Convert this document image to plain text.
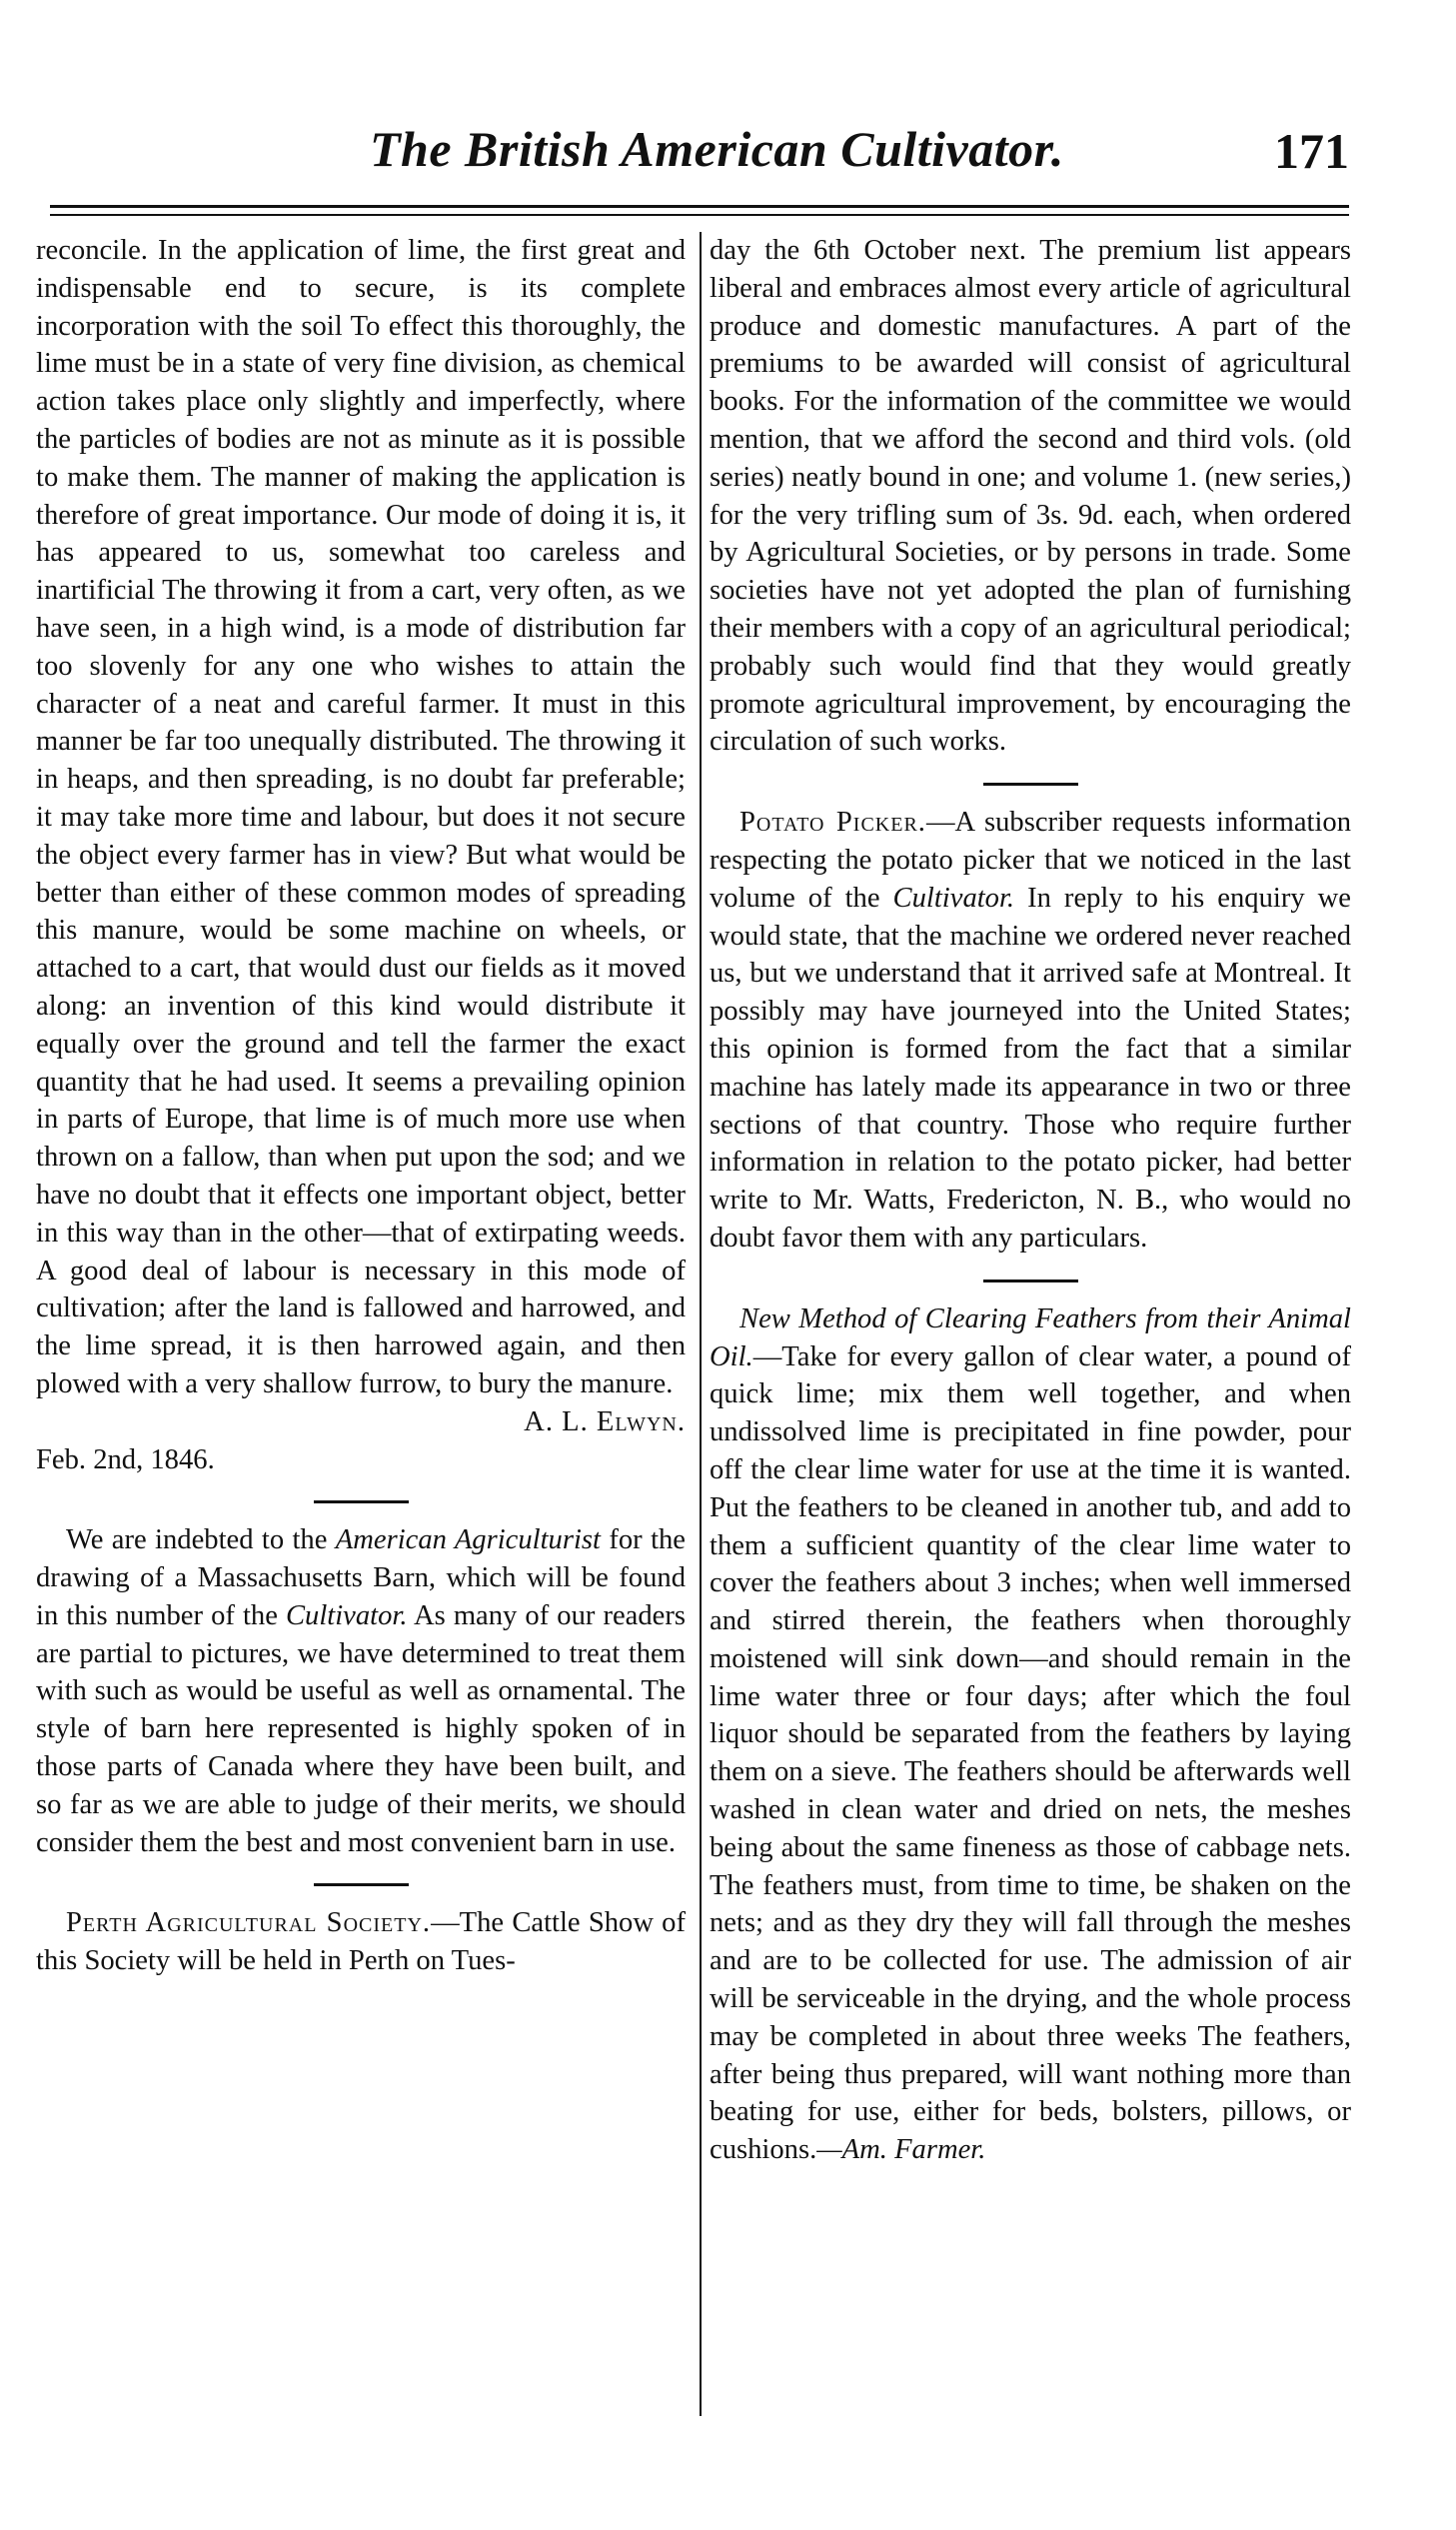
The British American Cultivator.	171

reconcile. In the application of lime, the first great and indispensable end to secure, is its complete incorporation with the soil To effect this thoroughly, the lime must be in a state of very fine division, as chemical action takes place only slightly and imperfectly, where the particles of bodies are not as minute as it is possible to make them. The manner of making the application is therefore of great importance. Our mode of doing it is, it has appeared to us, somewhat too careless and inartificial The throwing it from a cart, very often, as we have seen, in a high wind, is a mode of distribution far too slovenly for any one who wishes to attain the character of a neat and careful farmer. It must in this manner be far too unequally distributed. The throwing it in heaps, and then spreading, is no doubt far preferable; it may take more time and labour, but does it not secure the object every farmer has in view? But what would be better than either of these common modes of spreading this manure, would be some machine on wheels, or attached to a cart, that would dust our fields as it moved along: an invention of this kind would distribute it equally over the ground and tell the farmer the exact quantity that he had used. It seems a prevailing opinion in parts of Europe, that lime is of much more use when thrown on a fallow, than when put upon the sod; and we have no doubt that it effects one important object, better in this way than in the other—that of extirpating weeds. A good deal of labour is necessary in this mode of cultivation; after the land is fallowed and harrowed, and the lime spread, it is then harrowed again, and then plowed with a very shallow furrow, to bury the manure.

A. L. Elwyn.

Feb. 2nd, 1846.

We are indebted to the American Agriculturist for the drawing of a Massachusetts Barn, which will be found in this number of the Cultivator. As many of our readers are partial to pictures, we have determined to treat them with such as would be useful as well as ornamental. The style of barn here represented is highly spoken of in those parts of Canada where they have been built, and so far as we are able to judge of their merits, we should consider them the best and most convenient barn in use.

Perth Agricultural Society.—The Cattle Show of this Society will be held in Perth on Tues-

day the 6th October next. The premium list appears liberal and embraces almost every article of agricultural produce and domestic manufactures. A part of the premiums to be awarded will consist of agricultural books. For the information of the committee we would mention, that we afford the second and third vols. (old series) neatly bound in one; and volume 1. (new series,) for the very trifling sum of 3s. 9d. each, when ordered by Agricultural Societies, or by persons in trade. Some societies have not yet adopted the plan of furnishing their members with a copy of an agricultural periodical; probably such would find that they would greatly promote agricultural improvement, by encouraging the circulation of such works.

Potato Picker.—A subscriber requests information respecting the potato picker that we noticed in the last volume of the Cultivator. In reply to his enquiry we would state, that the machine we ordered never reached us, but we understand that it arrived safe at Montreal. It possibly may have journeyed into the United States; this opinion is formed from the fact that a similar machine has lately made its appearance in two or three sections of that country. Those who require further information in relation to the potato picker, had better write to Mr. Watts, Fredericton, N. B., who would no doubt favor them with any particulars.

New Method of Clearing Feathers from their Animal Oil.—Take for every gallon of clear water, a pound of quick lime; mix them well together, and when undissolved lime is precipitated in fine powder, pour off the clear lime water for use at the time it is wanted. Put the feathers to be cleaned in another tub, and add to them a sufficient quantity of the clear lime water to cover the feathers about 3 inches; when well immersed and stirred therein, the feathers when thoroughly moistened will sink down—and should remain in the lime water three or four days; after which the foul liquor should be separated from the feathers by laying them on a sieve. The feathers should be afterwards well washed in clean water and dried on nets, the meshes being about the same fineness as those of cabbage nets. The feathers must, from time to time, be shaken on the nets; and as they dry they will fall through the meshes and are to be collected for use. The admission of air will be serviceable in the drying, and the whole process may be completed in about three weeks The feathers, after being thus prepared, will want nothing more than beating for use, either for beds, bolsters, pillows, or cushions.—Am. Farmer.
